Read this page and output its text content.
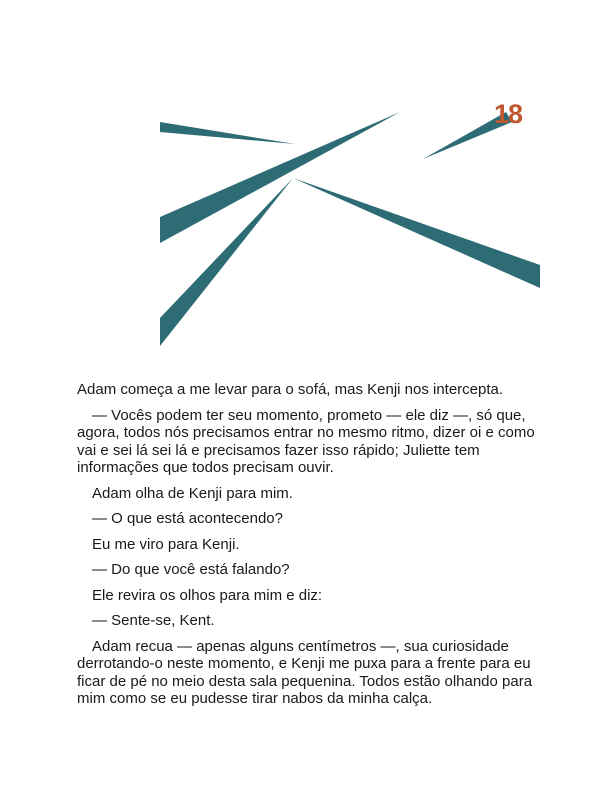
18

Adam começa a me levar para o sofá, mas Kenji nos intercepta.

— Vocês podem ter seu momento, prometo — ele diz —, só que, agora, todos nós precisamos entrar no mesmo ritmo, dizer oi e como vai e sei lá sei lá e precisamos fazer isso rápido; Juliette tem informações que todos precisam ouvir.

Adam olha de Kenji para mim.

— O que está acontecendo?

Eu me viro para Kenji.

— Do que você está falando?

Ele revira os olhos para mim e diz:

— Sente-se, Kent.

Adam recua — apenas alguns centímetros —, sua curiosidade derrotando-o neste momento, e Kenji me puxa para a frente para eu ficar de pé no meio desta sala pequenina. Todos estão olhando para mim como se eu pudesse tirar nabos da minha calça.
